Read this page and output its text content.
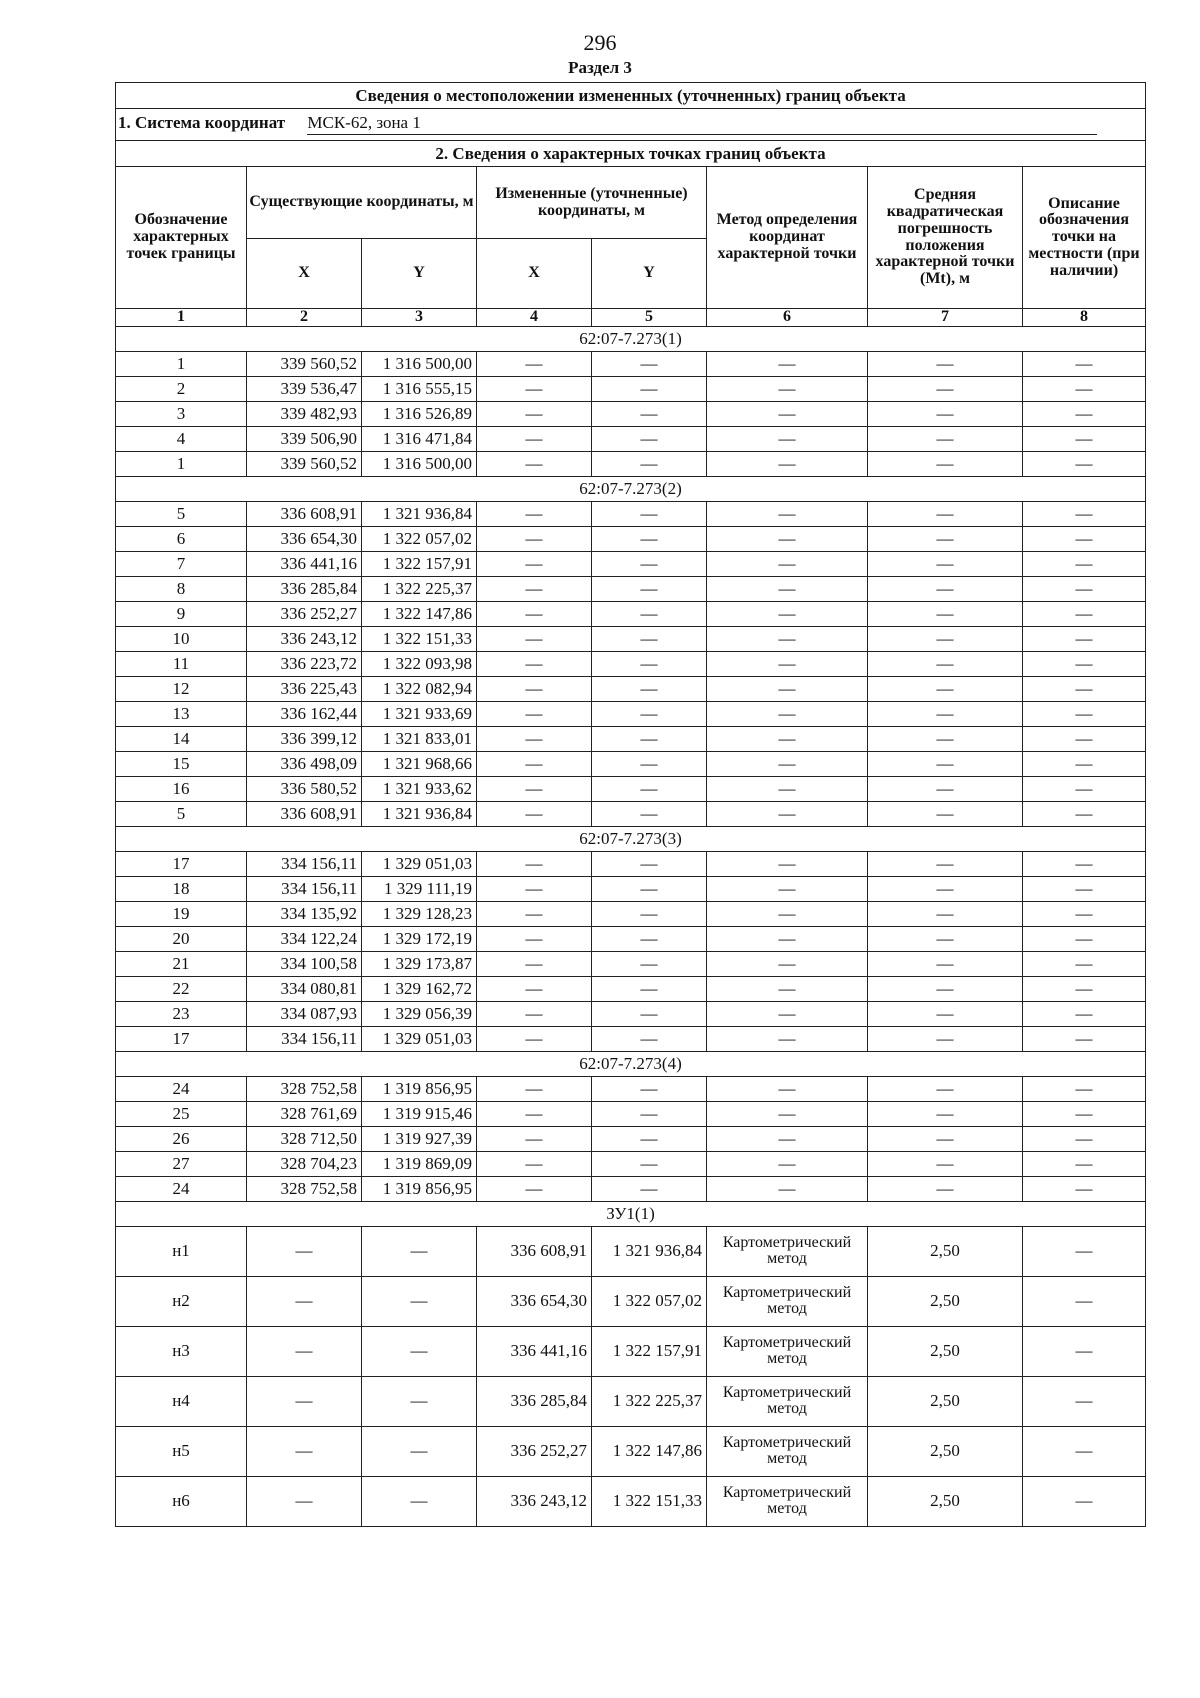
296
Раздел 3
Сведения о местоположении измененных (уточненных) границ объекта							
1. Система координат МСК-62, зона 1							
2. Сведения о характерных точках границ объекта							
Обозначение характерных точек границы	Существующие координаты, м		Измененные (уточненные) координаты, м		Метод определения координат характерной точки	Средняя квадратическая погрешность положения характерной точки (Mt), м	Описание обозначения точки на местности (при наличии)
	X	Y	X	Y			
1	2	3	4	5	6	7	8
62:07-7.273(1)							
1	339 560,52	1 316 500,00	—	—	—	—	—
2	339 536,47	1 316 555,15	—	—	—	—	—
3	339 482,93	1 316 526,89	—	—	—	—	—
4	339 506,90	1 316 471,84	—	—	—	—	—
1	339 560,52	1 316 500,00	—	—	—	—	—
62:07-7.273(2)							
5	336 608,91	1 321 936,84	—	—	—	—	—
6	336 654,30	1 322 057,02	—	—	—	—	—
7	336 441,16	1 322 157,91	—	—	—	—	—
8	336 285,84	1 322 225,37	—	—	—	—	—
9	336 252,27	1 322 147,86	—	—	—	—	—
10	336 243,12	1 322 151,33	—	—	—	—	—
11	336 223,72	1 322 093,98	—	—	—	—	—
12	336 225,43	1 322 082,94	—	—	—	—	—
13	336 162,44	1 321 933,69	—	—	—	—	—
14	336 399,12	1 321 833,01	—	—	—	—	—
15	336 498,09	1 321 968,66	—	—	—	—	—
16	336 580,52	1 321 933,62	—	—	—	—	—
5	336 608,91	1 321 936,84	—	—	—	—	—
62:07-7.273(3)							
17	334 156,11	1 329 051,03	—	—	—	—	—
18	334 156,11	1 329 111,19	—	—	—	—	—
19	334 135,92	1 329 128,23	—	—	—	—	—
20	334 122,24	1 329 172,19	—	—	—	—	—
21	334 100,58	1 329 173,87	—	—	—	—	—
22	334 080,81	1 329 162,72	—	—	—	—	—
23	334 087,93	1 329 056,39	—	—	—	—	—
17	334 156,11	1 329 051,03	—	—	—	—	—
62:07-7.273(4)							
24	328 752,58	1 319 856,95	—	—	—	—	—
25	328 761,69	1 319 915,46	—	—	—	—	—
26	328 712,50	1 319 927,39	—	—	—	—	—
27	328 704,23	1 319 869,09	—	—	—	—	—
24	328 752,58	1 319 856,95	—	—	—	—	—
ЗУ1(1)							
н1	—	—	336 608,91	1 321 936,84	Картометрический метод	2,50	—
н2	—	—	336 654,30	1 322 057,02	Картометрический метод	2,50	—
н3	—	—	336 441,16	1 322 157,91	Картометрический метод	2,50	—
н4	—	—	336 285,84	1 322 225,37	Картометрический метод	2,50	—
н5	—	—	336 252,27	1 322 147,86	Картометрический метод	2,50	—
н6	—	—	336 243,12	1 322 151,33	Картометрический метод	2,50	—
